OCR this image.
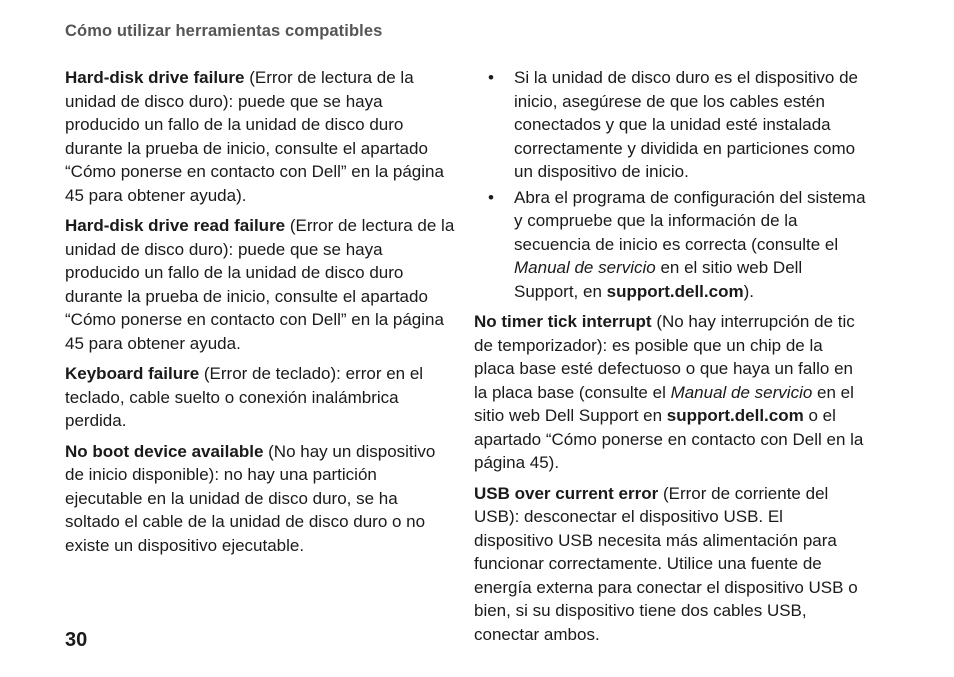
Cómo utilizar herramientas compatibles

Hard-disk drive failure (Error de lectura de la unidad de disco duro): puede que se haya producido un fallo de la unidad de disco duro durante la prueba de inicio, consulte el apartado “Cómo ponerse en contacto con Dell” en la página 45 para obtener ayuda).

Hard-disk drive read failure (Error de lectura de la unidad de disco duro): puede que se haya producido un fallo de la unidad de disco duro durante la prueba de inicio, consulte el apartado “Cómo ponerse en contacto con Dell” en la página 45 para obtener ayuda.

Keyboard failure (Error de teclado): error en el teclado, cable suelto o conexión inalámbrica perdida.

No boot device available (No hay un dispositivo de inicio disponible): no hay una partición ejecutable en la unidad de disco duro, se ha soltado el cable de la unidad de disco duro o no existe un dispositivo ejecutable.

• Si la unidad de disco duro es el dispositivo de inicio, asegúrese de que los cables estén conectados y que la unidad esté instalada correctamente y dividida en particiones como un dispositivo de inicio.
• Abra el programa de configuración del sistema y compruebe que la información de la secuencia de inicio es correcta (consulte el Manual de servicio en el sitio web Dell Support, en support.dell.com).

No timer tick interrupt (No hay interrupción de tic de temporizador): es posible que un chip de la placa base esté defectuoso o que haya un fallo en la placa base (consulte el Manual de servicio en el sitio web Dell Support en support.dell.com o el apartado “Cómo ponerse en contacto con Dell en la página 45).

USB over current error (Error de corriente del USB): desconectar el dispositivo USB. El dispositivo USB necesita más alimentación para funcionar correctamente. Utilice una fuente de energía externa para conectar el dispositivo USB o bien, si su dispositivo tiene dos cables USB, conectar ambos.

30
